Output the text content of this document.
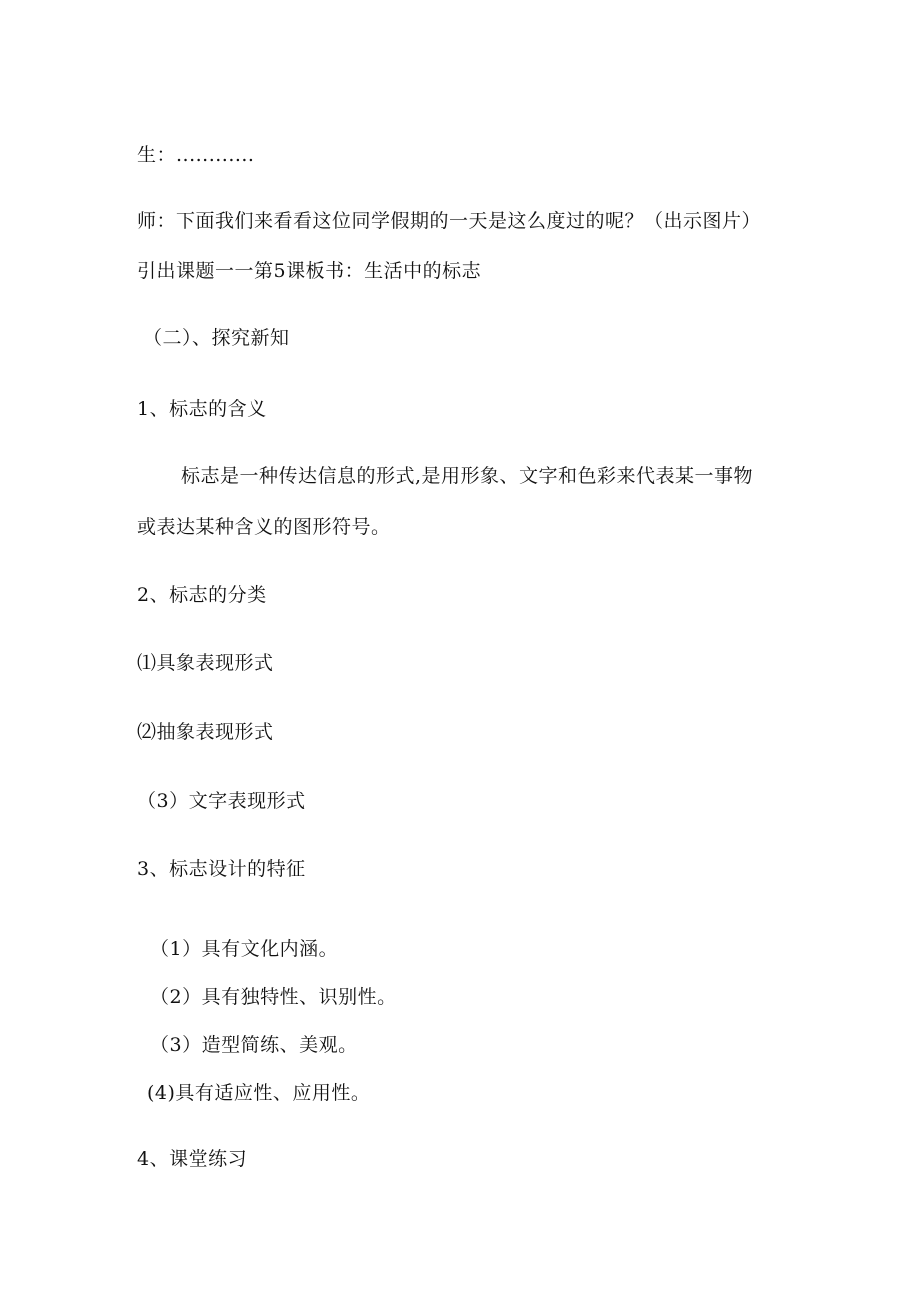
生：............
师：下面我们来看看这位同学假期的一天是这么度过的呢？（出示图片）
引出课题一一第5课板书：生活中的标志
（二）、探究新知
1、标志的含义
标志是一种传达信息的形式,是用形象、文字和色彩来代表某一事物
或表达某种含义的图形符号。
2、标志的分类
⑴具象表现形式
⑵抽象表现形式
（3）文字表现形式
3、标志设计的特征
（1）具有文化内涵。
（2）具有独特性、识别性。
（3）造型简练、美观。
(4)具有适应性、应用性。
4、课堂练习
